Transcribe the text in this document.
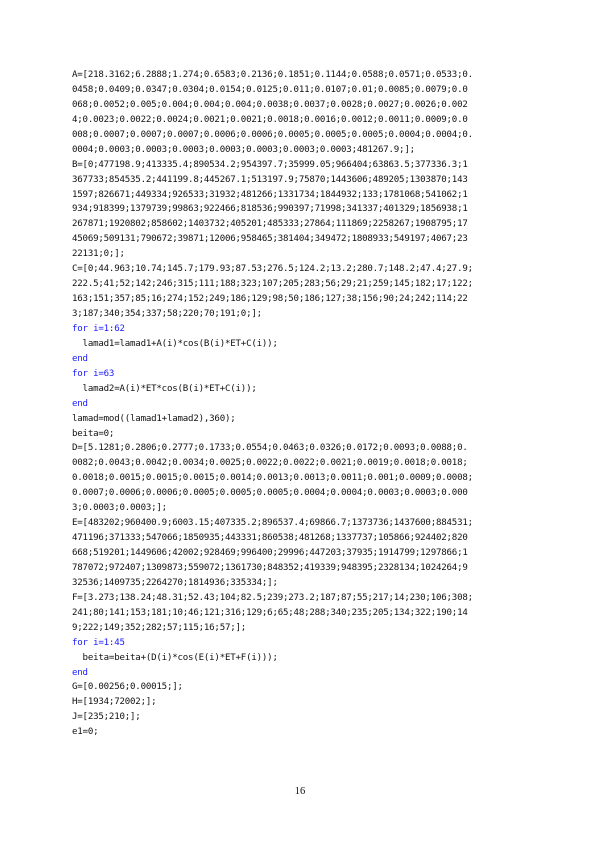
A=[218.3162;6.2888;1.274;0.6583;0.2136;0.1851;0.1144;0.0588;0.0571;0.0533;0.
0458;0.0409;0.0347;0.0304;0.0154;0.0125;0.011;0.0107;0.01;0.0085;0.0079;0.0
068;0.0052;0.005;0.004;0.004;0.004;0.0038;0.0037;0.0028;0.0027;0.0026;0.002
4;0.0023;0.0022;0.0024;0.0021;0.0021;0.0018;0.0016;0.0012;0.0011;0.0009;0.0
008;0.0007;0.0007;0.0007;0.0006;0.0006;0.0005;0.0005;0.0005;0.0004;0.0004;0.
0004;0.0003;0.0003;0.0003;0.0003;0.0003;0.0003;0.0003;481267.9;];
B=[0;477198.9;413335.4;890534.2;954397.7;35999.05;966404;63863.5;377336.3;1
367733;854535.2;441199.8;445267.1;513197.9;75870;1443606;489205;1303870;143
1597;826671;449334;926533;31932;481266;1331734;1844932;133;1781068;541062;1
934;918399;1379739;99863;922466;818536;990397;71998;341337;401329;1856938;1
267871;1920802;858602;1403732;405201;485333;27864;111869;2258267;1908795;17
45069;509131;790672;39871;12006;958465;381404;349472;1808933;549197;4067;23
22131;0;];
C=[0;44.963;10.74;145.7;179.93;87.53;276.5;124.2;13.2;280.7;148.2;47.4;27.9;
222.5;41;52;142;246;315;111;188;323;107;205;283;56;29;21;259;145;182;17;122;
163;151;357;85;16;274;152;249;186;129;98;50;186;127;38;156;90;24;242;114;22
3;187;340;354;337;58;220;70;191;0;];
for i=1:62
lamad1=lamad1+A(i)*cos(B(i)*ET+C(i));
end
for i=63
lamad2=A(i)*ET*cos(B(i)*ET+C(i));
end
lamad=mod((lamad1+lamad2),360);
beita=0;
D=[5.1281;0.2806;0.2777;0.1733;0.0554;0.0463;0.0326;0.0172;0.0093;0.0088;0.
0082;0.0043;0.0042;0.0034;0.0025;0.0022;0.0022;0.0021;0.0019;0.0018;0.0018;
0.0018;0.0015;0.0015;0.0015;0.0014;0.0013;0.0013;0.0011;0.001;0.0009;0.0008;
0.0007;0.0006;0.0006;0.0005;0.0005;0.0005;0.0004;0.0004;0.0003;0.0003;0.000
3;0.0003;0.0003;];
E=[483202;960400.9;6003.15;407335.2;896537.4;69866.7;1373736;1437600;884531;
471196;371333;547066;1850935;443331;860538;481268;1337737;105866;924402;820
668;519201;1449606;42002;928469;996400;29996;447203;37935;1914799;1297866;1
787072;972407;1309873;559072;1361730;848352;419339;948395;2328134;1024264;9
32536;1409735;2264270;1814936;335334;];
F=[3.273;138.24;48.31;52.43;104;82.5;239;273.2;187;87;55;217;14;230;106;308;
241;80;141;153;181;10;46;121;316;129;6;65;48;288;340;235;205;134;322;190;14
9;222;149;352;282;57;115;16;57;];
for i=1:45
beita=beita+(D(i)*cos(E(i)*ET+F(i)));
end
G=[0.00256;0.00015;];
H=[1934;72002;];
J=[235;210;];
e1=0;
16
